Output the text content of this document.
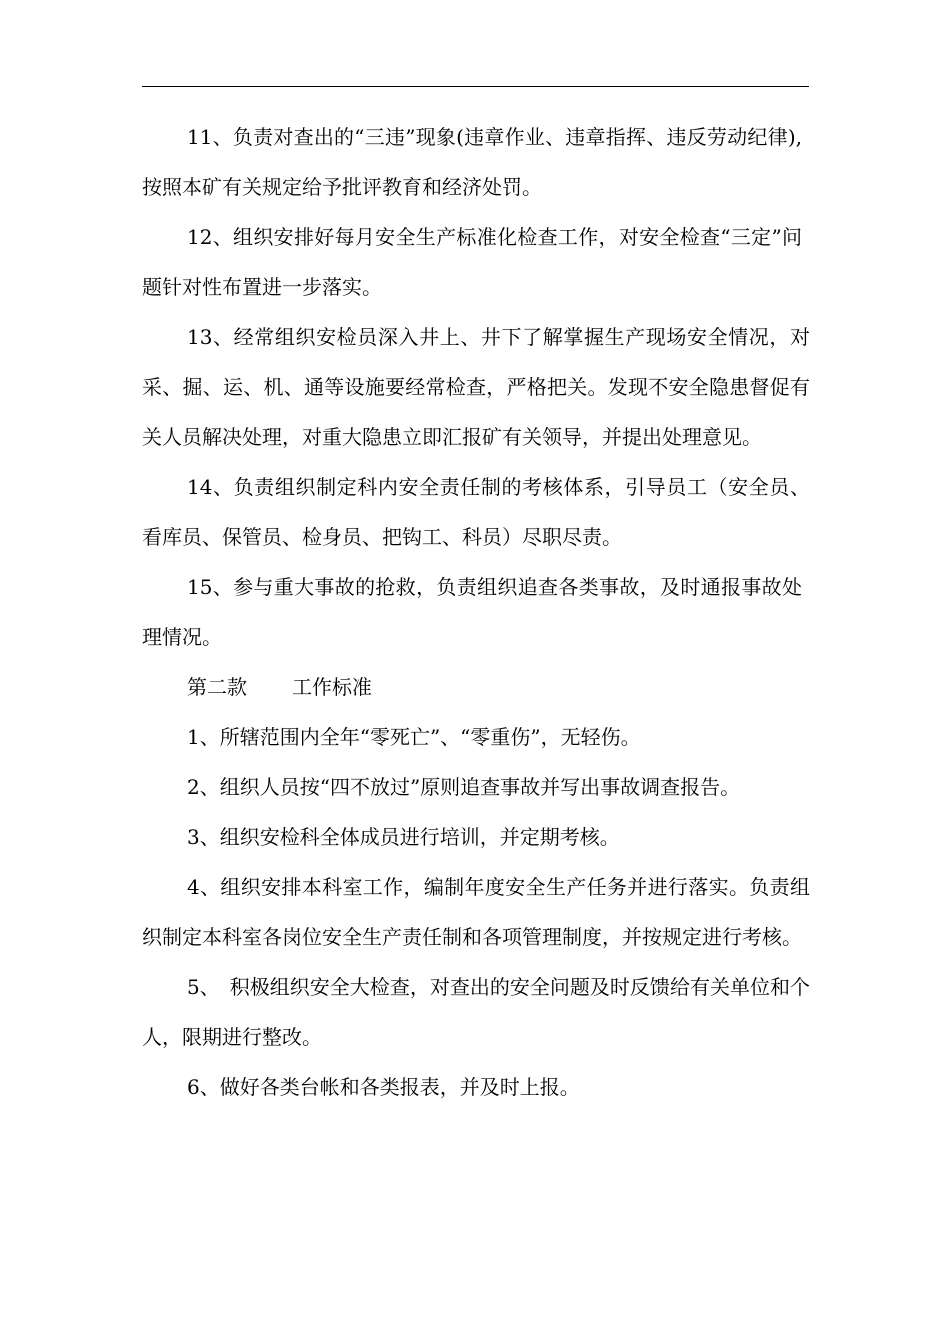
11、负责对查出的“三违”现象(违章作业、违章指挥、违反劳动纪律),按照本矿有关规定给予批评教育和经济处罚。

12、组织安排好每月安全生产标准化检查工作，对安全检查“三定”问题针对性布置进一步落实。

13、经常组织安检员深入井上、井下了解掌握生产现场安全情况，对采、掘、运、机、通等设施要经常检查，严格把关。发现不安全隐患督促有关人员解决处理，对重大隐患立即汇报矿有关领导，并提出处理意见。

14、负责组织制定科内安全责任制的考核体系，引导员工（安全员、看库员、保管员、检身员、把钩工、科员）尽职尽责。

15、参与重大事故的抢救，负责组织追查各类事故，及时通报事故处理情况。

第二款 工作标准

1、所辖范围内全年“零死亡”、“零重伤”，无轻伤。

2、组织人员按“四不放过”原则追查事故并写出事故调查报告。

3、组织安检科全体成员进行培训，并定期考核。

4、组织安排本科室工作，编制年度安全生产任务并进行落实。负责组织制定本科室各岗位安全生产责任制和各项管理制度，并按规定进行考核。

5、　积极组织安全大检查，对查出的安全问题及时反馈给有关单位和个人，限期进行整改。

6、做好各类台帐和各类报表，并及时上报。
